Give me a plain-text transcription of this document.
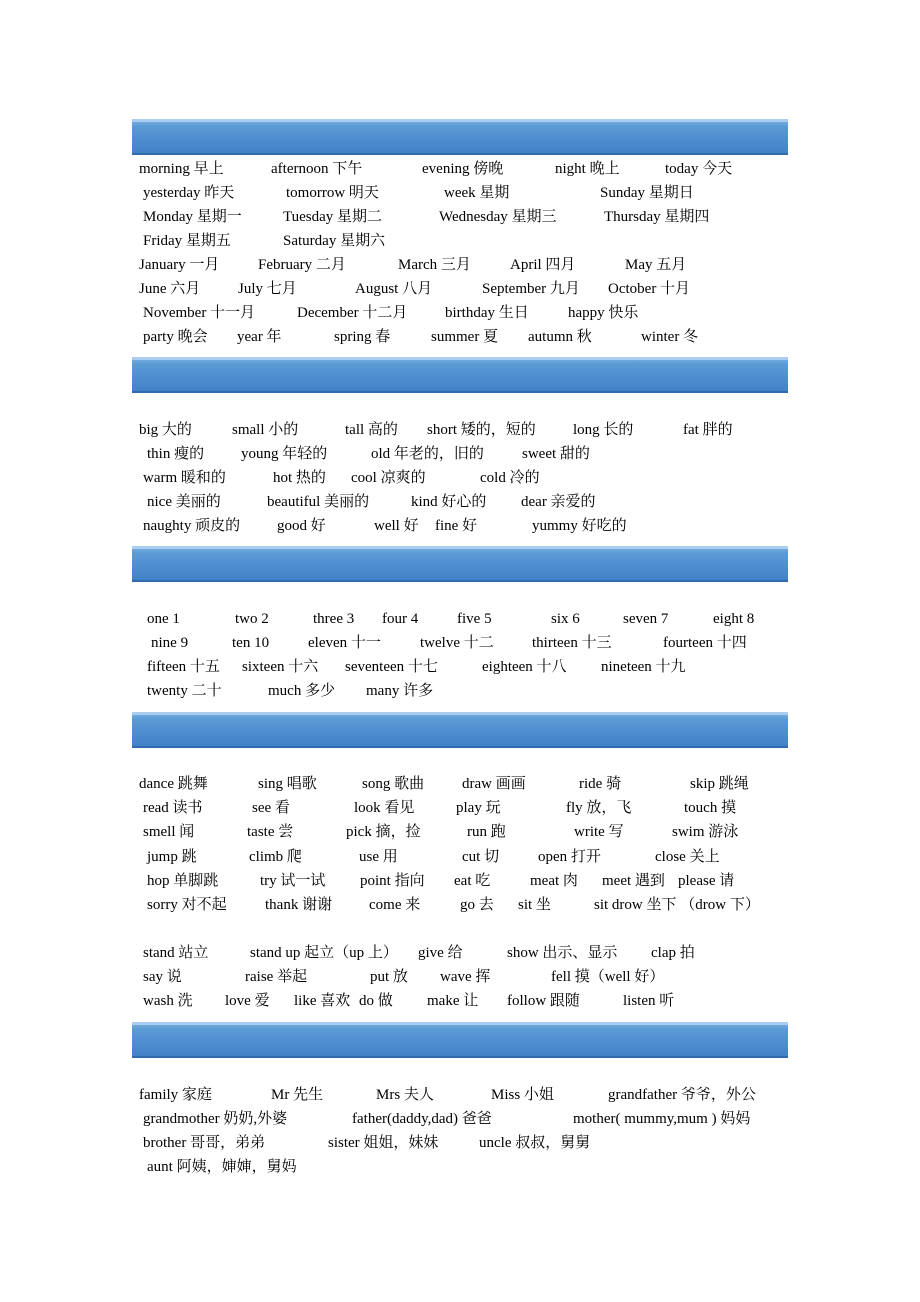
morning 早上	afternoon 下午	evening 傍晚	night 晚上	today 今天
yesterday 昨天	tomorrow 明天	week 星期	Sunday 星期日
Monday 星期一	Tuesday 星期二	Wednesday 星期三	Thursday 星期四
Friday 星期五	Saturday 星期六
January 一月	February 二月	March 三月	April 四月	May 五月
June 六月	July 七月	August 八月	September 九月 October 十月
November 十一月	December 十二月	birthday 生日	happy 快乐
party 晚会 year 年	spring 春	summer 夏 autumn 秋	winter 冬
big 大的	small 小的	tall 高的 short 矮的，短的 long 长的	fat 胖的
thin 瘦的 young 年轻的	old 年老的，旧的	sweet 甜的
warm 暖和的	hot 热的 cool 凉爽的	cold 冷的
nice 美丽的	beautiful 美丽的	kind 好心的 dear 亲爱的
naughty 顽皮的 good 好	well 好 fine 好	yummy 好吃的
one 1	two 2	three 3 four 4	five 5	six 6	seven 7	eight 8
nine 9	ten 10	eleven 十一	twelve 十二	thirteen 十三	fourteen 十四
fifteen 十五 sixteen 十六 seventeen 十七	eighteen 十八 nineteen 十九
twenty 二十	much 多少 many 许多
dance 跳舞	sing 唱歌	song 歌曲	draw 画画	ride 骑	skip 跳绳
read 读书	see 看	look 看见	play 玩	fly 放，飞	touch 摸
smell 闻	taste 尝	pick 摘，捡	run 跑	write 写	swim 游泳
jump 跳	climb 爬	use 用	cut 切	open 打开	close 关上
hop 单脚跳	try 试一试 point 指向 eat 吃	meat 肉 meet 遇到 please 请
sorry 对不起	thank 谢谢 come 来	go 去 sit 坐	sit drow 坐下 （drow 下）
stand 站立	stand up 起立（up 上） give 给	show 出示、显示 clap 拍
say 说	raise 举起	put 放 wave 挥	fell 摸（well 好）
wash 洗 love 爱 like 喜欢 do 做 make 让 follow 跟随	listen 听
family 家庭	Mr 先生	Mrs 夫人	Miss 小姐	grandfather 爷爷，外公
grandmother 奶奶,外婆	father(daddy,dad) 爸爸	mother( mummy,mum ) 妈妈
brother 哥哥，弟弟	sister 姐姐，妹妹	uncle 叔叔，舅舅
aunt 阿姨，婶婶，舅妈
